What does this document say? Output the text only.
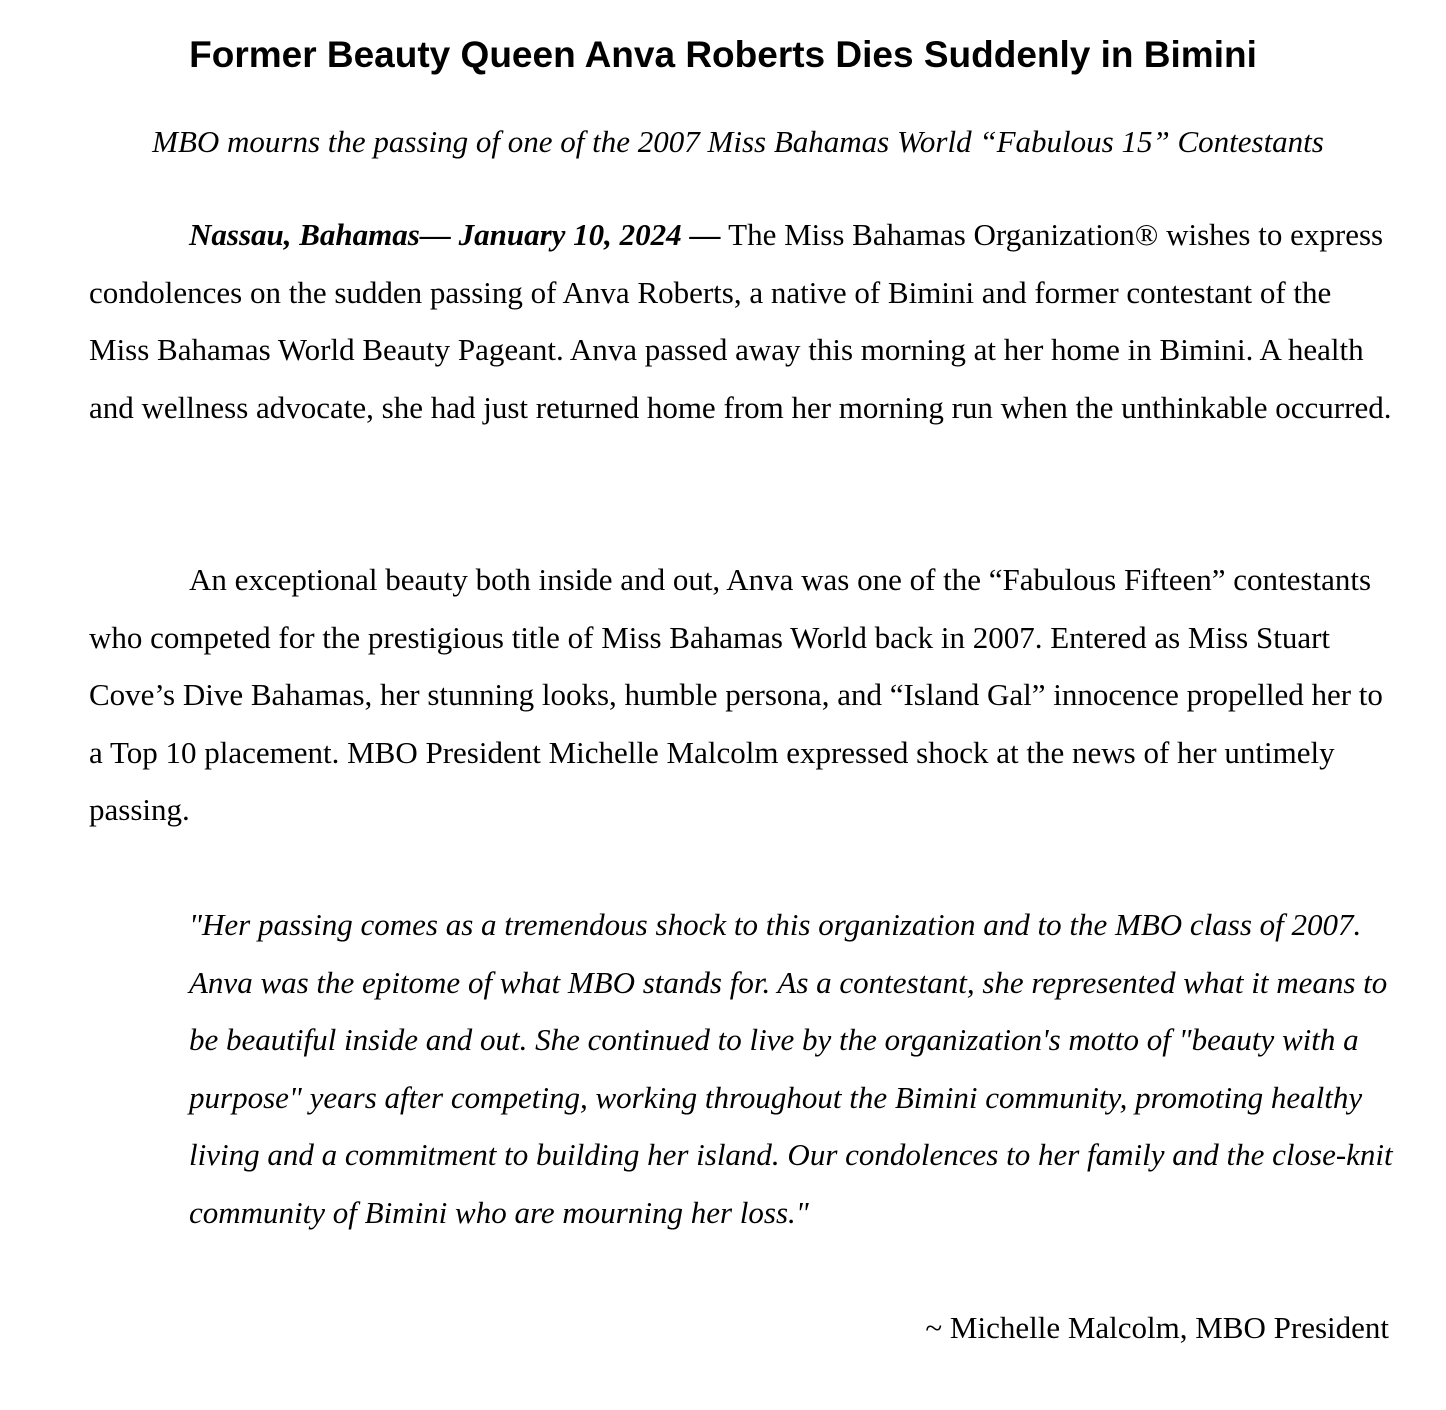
Former Beauty Queen Anva Roberts Dies Suddenly in Bimini

MBO mourns the passing of one of the 2007 Miss Bahamas World “Fabulous 15” Contestants

Nassau, Bahamas— January 10, 2024 — The Miss Bahamas Organization® wishes to express condolences on the sudden passing of Anva Roberts, a native of Bimini and former contestant of the Miss Bahamas World Beauty Pageant. Anva passed away this morning at her home in Bimini. A health and wellness advocate, she had just returned home from her morning run when the unthinkable occurred.

An exceptional beauty both inside and out, Anva was one of the “Fabulous Fifteen” contestants who competed for the prestigious title of Miss Bahamas World back in 2007. Entered as Miss Stuart Cove’s Dive Bahamas, her stunning looks, humble persona, and “Island Gal” innocence propelled her to a Top 10 placement. MBO President Michelle Malcolm expressed shock at the news of her untimely passing.

"Her passing comes as a tremendous shock to this organization and to the MBO class of 2007. Anva was the epitome of what MBO stands for. As a contestant, she represented what it means to be beautiful inside and out. She continued to live by the organization's motto of "beauty with a purpose" years after competing, working throughout the Bimini community, promoting healthy living and a commitment to building her island. Our condolences to her family and the close-knit community of Bimini who are mourning her loss."

~ Michelle Malcolm, MBO President
